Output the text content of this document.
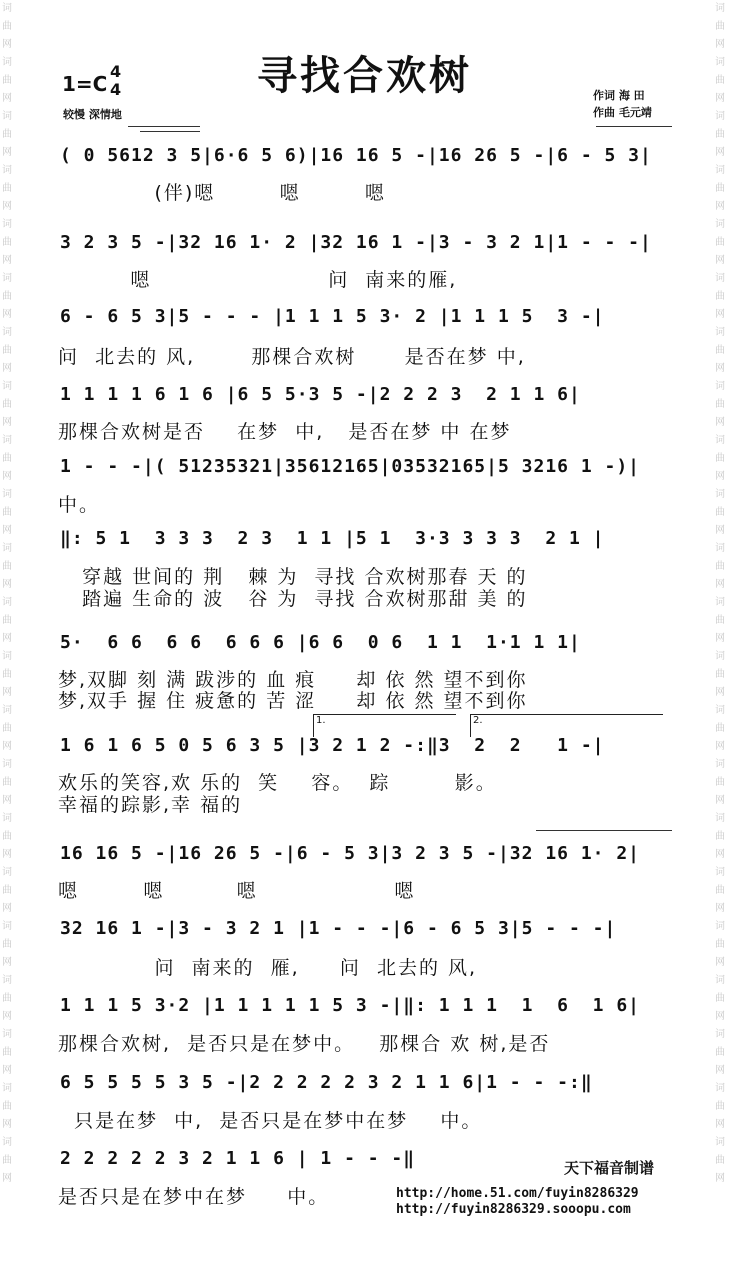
词曲网词曲网词曲网词曲网词曲网词曲网词曲网词曲网词曲网词曲网词曲网词曲网词曲网词曲网词曲网词曲网词曲网词曲网词曲网词曲网词曲网词曲网
词曲网词曲网词曲网词曲网词曲网词曲网词曲网词曲网词曲网词曲网词曲网词曲网词曲网词曲网词曲网词曲网词曲网词曲网词曲网词曲网词曲网词曲网
寻找合欢树
1=C
4
4
较慢 深情地
作词 海 田
作曲 毛元靖
( 0 5612 3 5|6·6 5 6)|16 16 5 -|16 26 5 -|6 - 5 3|
(伴)嗯        嗯        嗯
3 2 3 5 -|32 16 1· 2 |32 16 1 -|3 - 3 2 1|1 - - -|
嗯                      问  南来的雁,
6 - 6 5 3|5 - - - |1 1 1 5 3· 2 |1 1 1 5  3 -|
问  北去的 风,       那棵合欢树      是否在梦 中,
1 1 1 1 6 1 6 |6 5 5·3 5 -|2 2 2 3  2 1 1 6|
那棵合欢树是否    在梦  中,   是否在梦 中 在梦
1 - - -|( 51235321|35612165|03532165|5 3216 1 -)|
中。
‖: 5 1  3 3 3  2 3  1 1 |5 1  3·3 3 3 3  2 1 |
穿越 世间的 荆   棘 为  寻找 合欢树那春 天 的
踏遍 生命的 波   谷 为  寻找 合欢树那甜 美 的
5·  6 6  6 6  6 6 6 |6 6  0 6  1 1  1·1 1 1|
梦,双脚 刻 满 跋涉的 血 痕     却 依 然 望不到你
梦,双手 握 住 疲惫的 苦 涩     却 依 然 望不到你
1.	2.
1 6 1 6 5 0 5 6 3 5 |3 2 1 2 -:‖3  2  2   1 -|
欢乐的笑容,欢 乐的  笑    容。  踪        影。
幸福的踪影,幸 福的
16 16 5 -|16 26 5 -|6 - 5 3|3 2 3 5 -|32 16 1· 2|
嗯        嗯         嗯                 嗯
32 16 1 -|3 - 3 2 1 |1 - - -|6 - 6 5 3|5 - - -|
问  南来的  雁,     问  北去的 风,
1 1 1 5 3·2 |1 1 1 1 1 5 3 -|‖: 1 1 1  1  6  1 6|
那棵合欢树,  是否只是在梦中。   那棵合 欢 树,是否
6 5 5 5 5 3 5 -|2 2 2 2 2 3 2 1 1 6|1 - - -:‖
只是在梦  中,  是否只是在梦中在梦    中。
2 2 2 2 2 3 2 1 1 6 | 1 - - -‖
是否只是在梦中在梦     中。
天下福音制谱
http://home.51.com/fuyin8286329
http://fuyin8286329.sooopu.com
